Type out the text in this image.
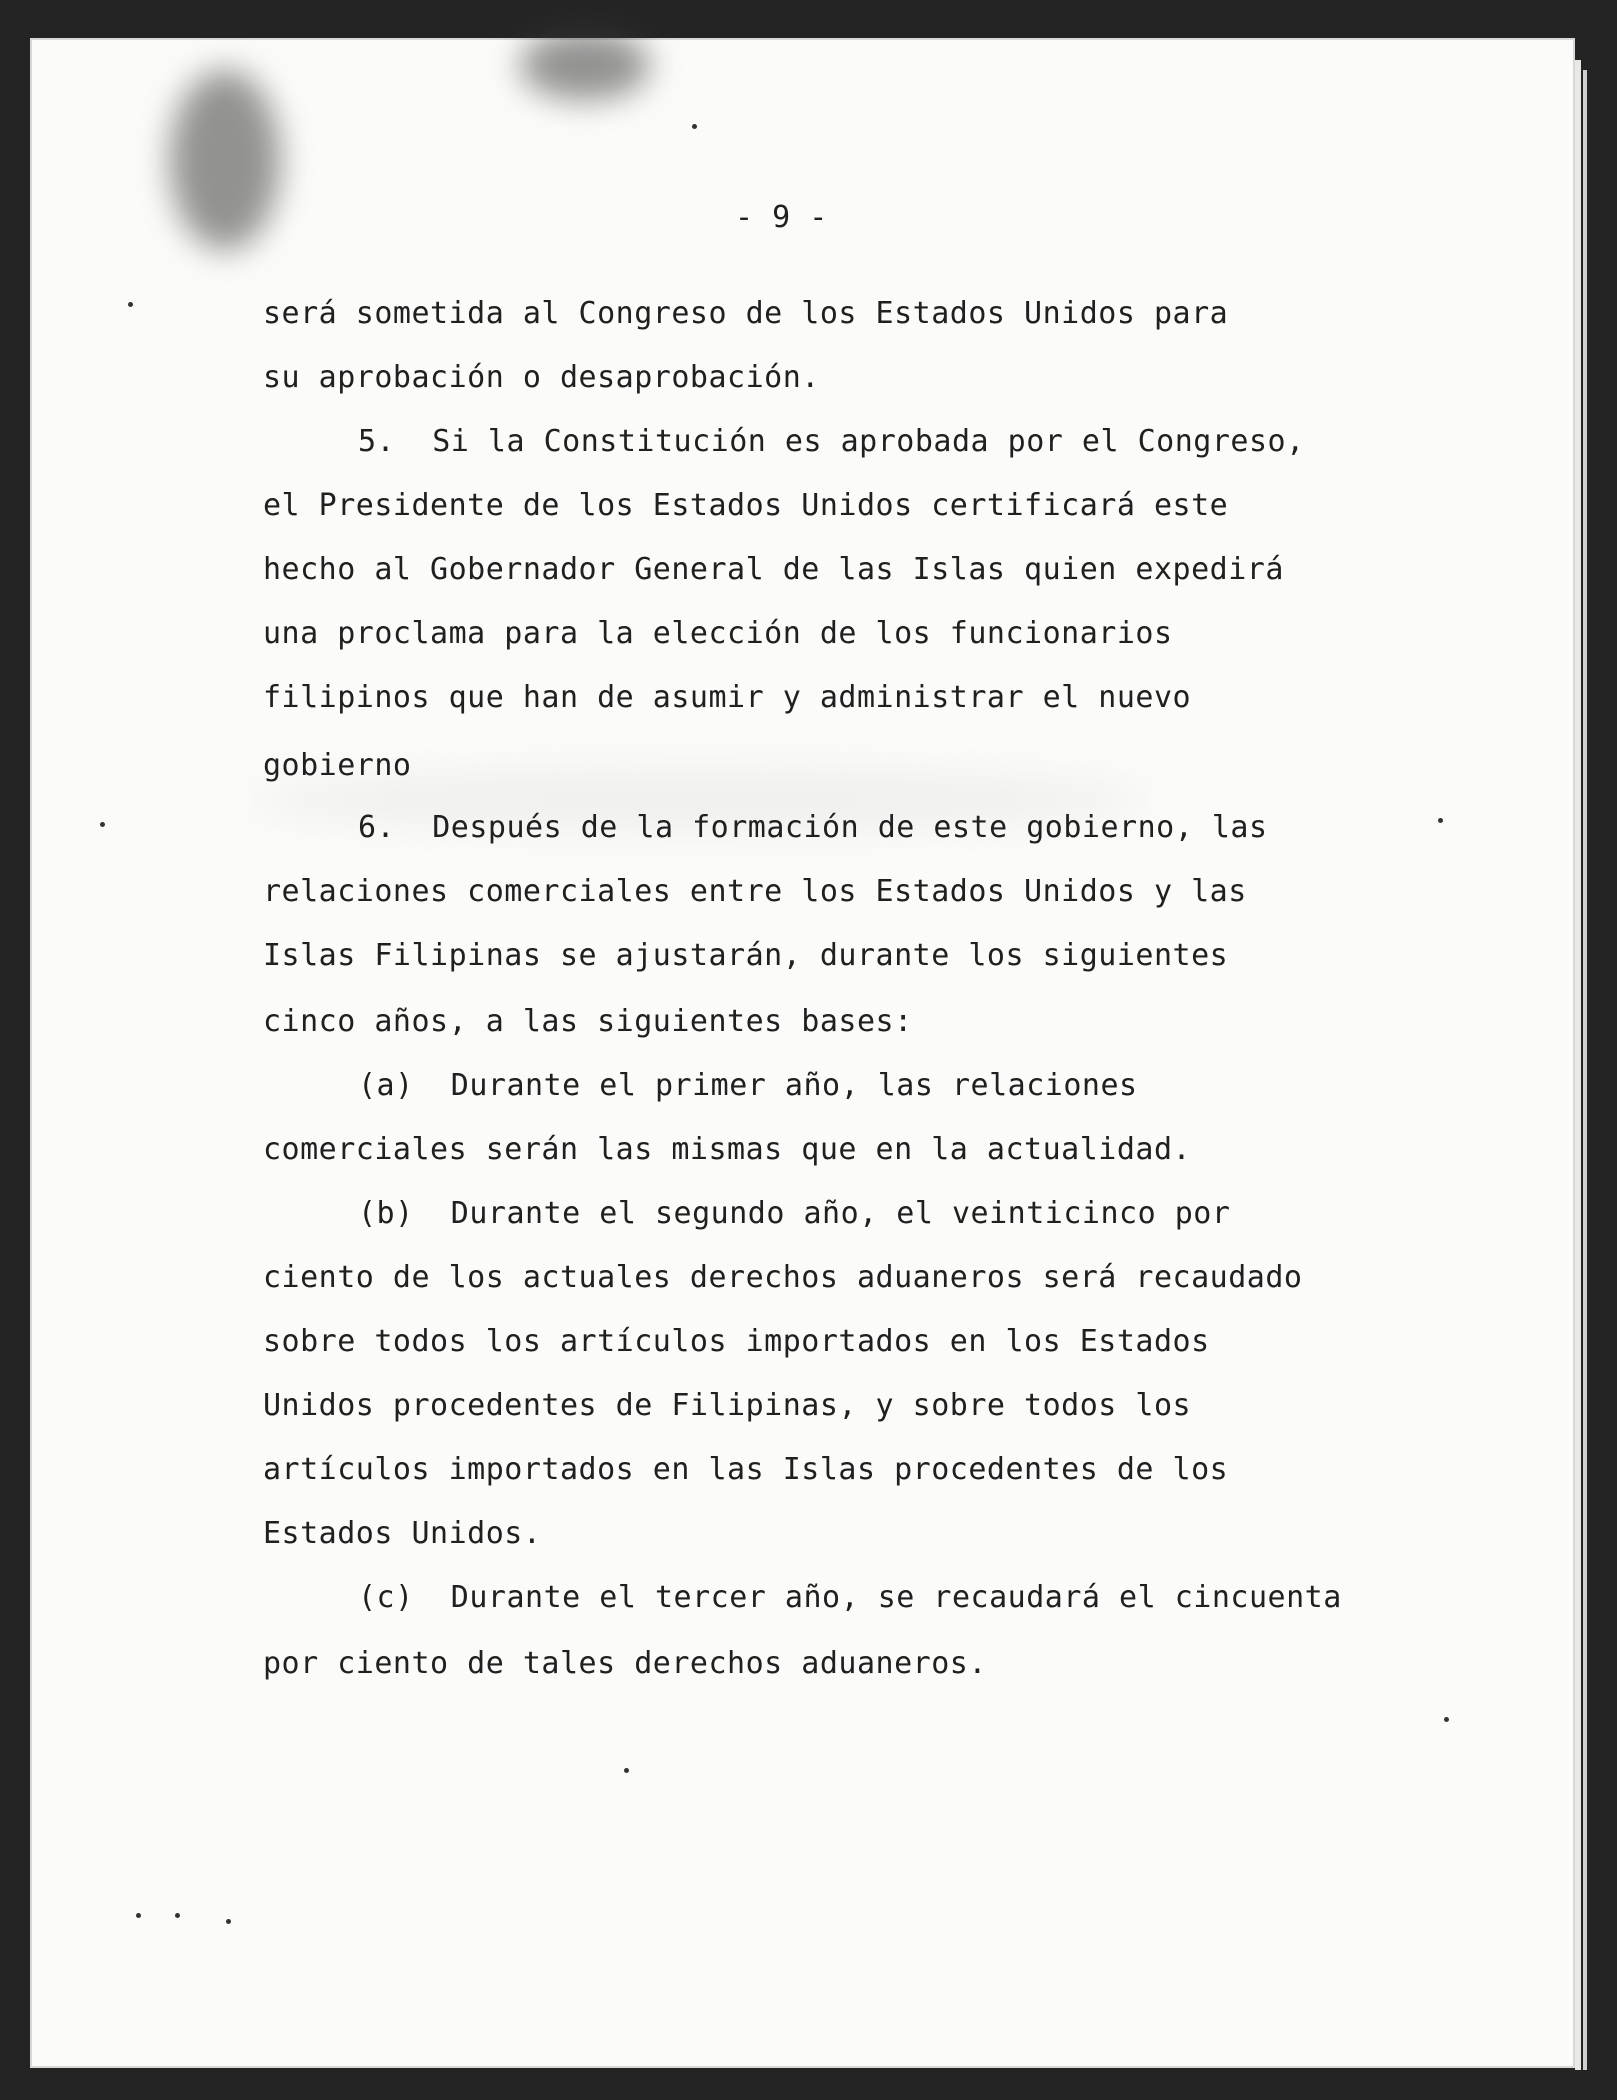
- 9 -
será sometida al Congreso de los Estados Unidos para
su aprobación o desaprobación.
5.  Si la Constitución es aprobada por el Congreso,
el Presidente de los Estados Unidos certificará este
hecho al Gobernador General de las Islas quien expedirá
una proclama para la elección de los funcionarios
filipinos que han de asumir y administrar el nuevo
gobierno
6.  Después de la formación de este gobierno, las
relaciones comerciales entre los Estados Unidos y las
Islas Filipinas se ajustarán, durante los siguientes
cinco años, a las siguientes bases:
(a)  Durante el primer año, las relaciones
comerciales serán las mismas que en la actualidad.
(b)  Durante el segundo año, el veinticinco por
ciento de los actuales derechos aduaneros será recaudado
sobre todos los artículos importados en los Estados
Unidos procedentes de Filipinas, y sobre todos los
artículos importados en las Islas procedentes de los
Estados Unidos.
(c)  Durante el tercer año, se recaudará el cincuenta
por ciento de tales derechos aduaneros.
